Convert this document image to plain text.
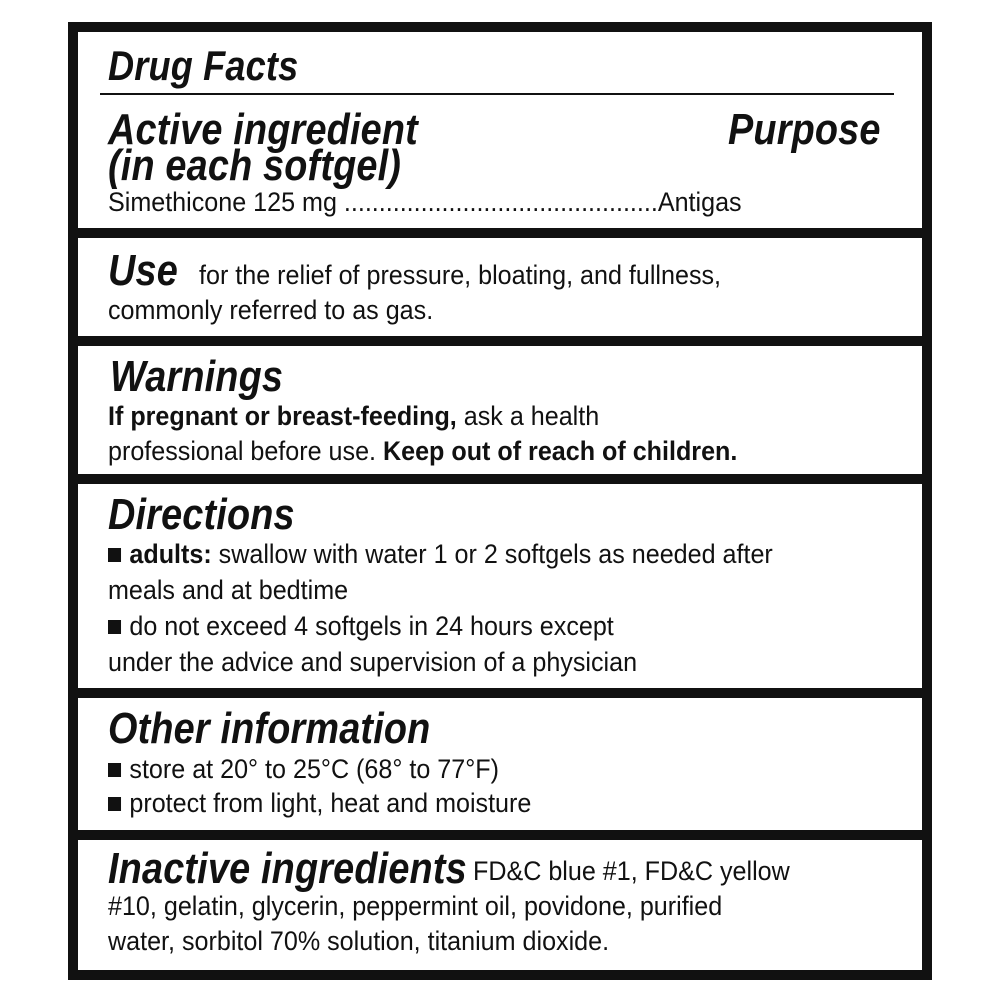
Drug Facts

Active ingredient

(in each softgel)

Purpose

Simethicone 125 mg .............................................Antigas

Use for the relief of pressure, bloating, and fullness,

commonly referred to as gas.

Warnings

If pregnant or breast-feeding, ask a health

professional before use. Keep out of reach of children.

Directions

adults: swallow with water 1 or 2 softgels as needed after

meals and at bedtime

do not exceed 4 softgels in 24 hours except

under the advice and supervision of a physician

Other information

store at 20° to 25°C (68° to 77°F)

protect from light, heat and moisture

Inactive ingredients FD&C blue #1, FD&C yellow

#10, gelatin, glycerin, peppermint oil, povidone, purified

water, sorbitol 70% solution, titanium dioxide.
